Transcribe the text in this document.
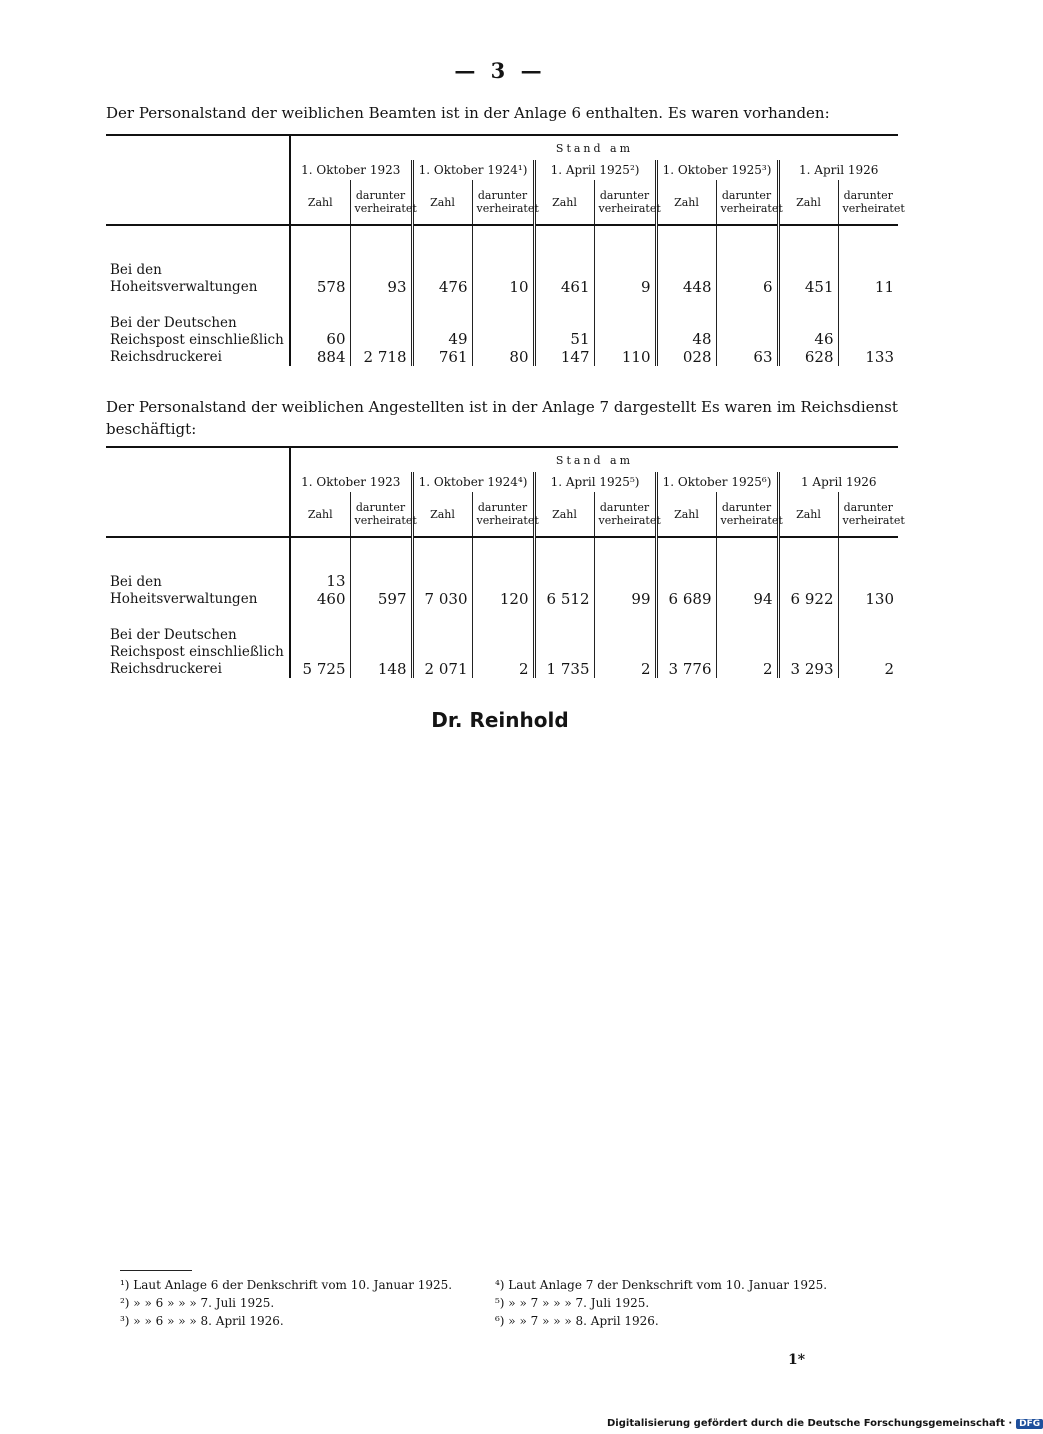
— 3 —
Der Personalstand der weiblichen Beamten ist in der Anlage 6 enthalten. Es waren vorhanden:

	Stand am									
	1. Oktober 1923		1. Oktober 1924¹)		1. April 1925²)		1. Oktober 1925³)		1. April 1926	
	Zahl	darunter verheiratet	Zahl	darunter verheiratet	Zahl	darunter verheiratet	Zahl	darunter verheiratet	Zahl	darunter verheiratet
Bei den Hoheitsverwaltungen	578	93	476	10	461	9	448	6	451	11
Bei der Deutschen Reichspost einschließlich Reichsdruckerei	60 884	2 718	49 761	80	51 147	110	48 028	63	46 628	133
Der Personalstand der weiblichen Angestellten ist in der Anlage 7 dargestellt Es waren im Reichsdienst beschäftigt:

	Stand am									
	1. Oktober 1923		1. Oktober 1924⁴)		1. April 1925⁵)		1. Oktober 1925⁶)		1 April 1926	
	Zahl	darunter verheiratet	Zahl	darunter verheiratet	Zahl	darunter verheiratet	Zahl	darunter verheiratet	Zahl	darunter verheiratet
Bei den Hoheitsverwaltungen	13 460	597	7 030	120	6 512	99	6 689	94	6 922	130
Bei der Deutschen Reichspost einschließlich Reichsdruckerei	5 725	148	2 071	2	1 735	2	3 776	2	3 293	2
Dr. Reinhold
¹) Laut Anlage 6 der Denkschrift vom 10. Januar 1925.
²) » » 6 » » » 7. Juli 1925.
³) » » 6 » » » 8. April 1926.
⁴) Laut Anlage 7 der Denkschrift vom 10. Januar 1925.
⁵) » » 7 » » » 7. Juli 1925.
⁶) » » 7 » » » 8. April 1926.
1*
Digitalisierung gefördert durch die Deutsche Forschungsgemeinschaft · DFG
